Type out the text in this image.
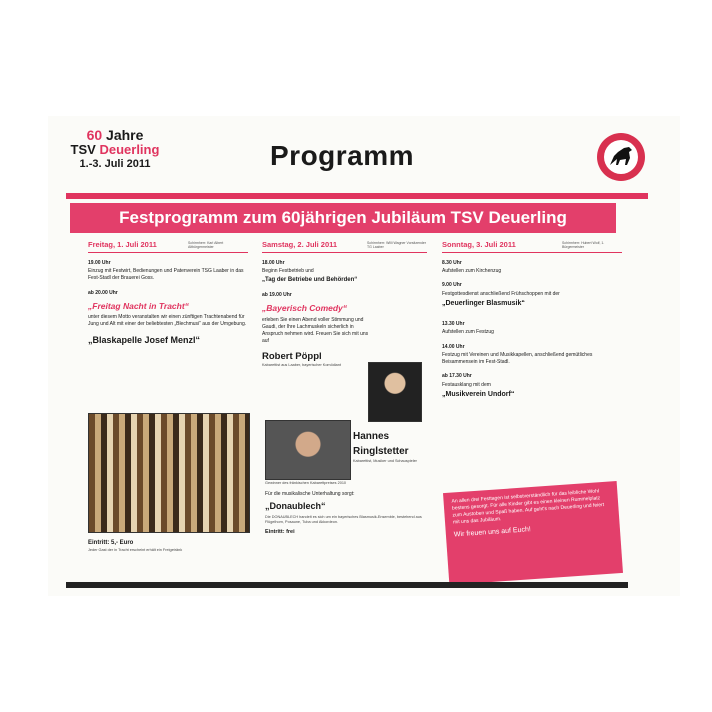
60 Jahre
TSV Deuerling
1.-3. Juli 2011	Programm
Festprogramm zum 60jährigen Jubiläum TSV Deuerling
Freitag, 1. Juli 2011	Schirmherr: Karl Albert Altbürgermeister
19.00 Uhr
Einzug mit Festwirt, Bedienungen und Patenverein TSG Laaber in das Fest-Stadl der Brauerei Goss.
ab 20.00 Uhr
„Freitag Nacht in Tracht“
unter diesem Motto veranstalten wir einen zünftigen Trachtenabend für Jung und Alt mit einer der beliebtesten „Blechmusi“ aus der Umgebung.
„Blaskapelle Josef Menzl“
Eintritt: 5,- Euro
Jeder Gast der in Tracht erscheint erhält ein Freigetränk
Samstag, 2. Juli 2011	Schirmherr: Willi Wagner Vorsitzender TG Laaber
18.00 Uhr
Beginn Festbetrieb und
„Tag der Betriebe und Behörden“
ab 19.00 Uhr
„Bayerisch Comedy“
erleben Sie einen Abend voller Stimmung und Gaudi, der Ihre Lachmuskeln sicherlich in Anspruch nehmen wird. Freuen Sie sich mit uns auf
Robert Pöppl
Kabarettist aus Laaber, bayerischer Komödiant
Hannes
Ringlstetter
Kabarettist, Musiker und Schauspieler
Gewinner des fränkischen Kabarettpreises 2010
Für die musikalische Unterhaltung sorgt:
„Donaublech“
Die DONAUBLECH handelt es sich um ein bayerisches Blasmusik-Ensemble, bestehend aus Flügelhorn, Posaune, Tuba und Akkordeon.
Eintritt: frei
Sonntag, 3. Juli 2011	Schirmherr: Hubert Wolf, 1. Bürgermeister
8.30 Uhr
Aufstellen zum Kirchenzug
9.00 Uhr
Festgottesdienst anschließend Frühschoppen mit der
„Deuerlinger Blasmusik“
13.30 Uhr
Aufstellen zum Festzug
14.00 Uhr
Festzug mit Vereinen und Musikkapellen, anschließend gemütliches Beisammensein im Fest-Stadl.
ab 17.30 Uhr
Festausklang mit dem
„Musikverein Undorf“
An allen drei Festtagen ist selbstverständlich für das leibliche Wohl bestens gesorgt. Für alle Kinder gibt es einen kleinen Rummelplatz zum Austoben und Spaß haben. Auf geht's nach Deuerling und feiert mit uns das Jubiläum.
Wir freuen uns auf Euch!
